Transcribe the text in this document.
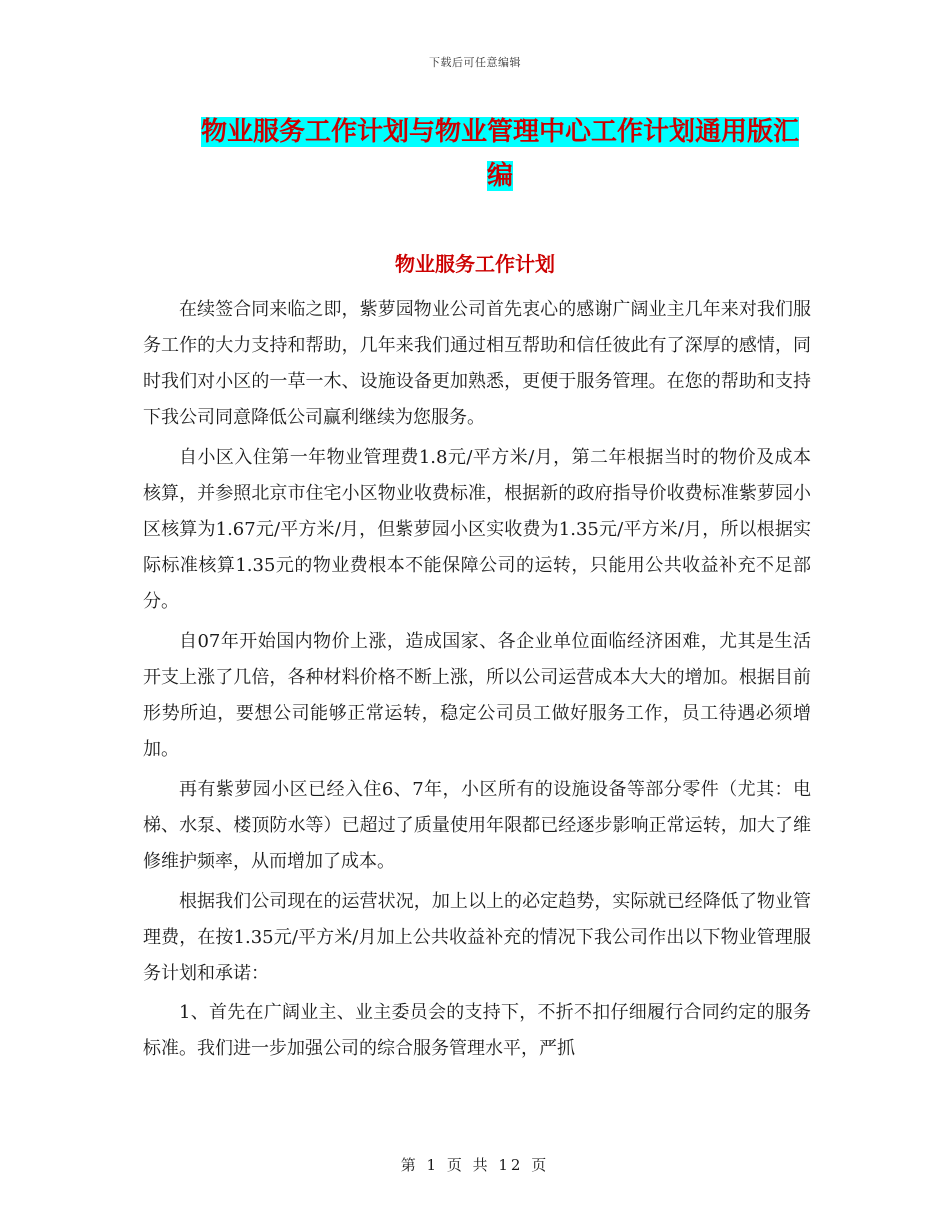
下载后可任意编辑
物业服务工作计划与物业管理中心工作计划通用版汇编
物业服务工作计划

在续签合同来临之即，紫萝园物业公司首先衷心的感谢广阔业主几年来对我们服务工作的大力支持和帮助，几年来我们通过相互帮助和信任彼此有了深厚的感情，同时我们对小区的一草一木、设施设备更加熟悉，更便于服务管理。在您的帮助和支持下我公司同意降低公司赢利继续为您服务。

自小区入住第一年物业管理费1.8元/平方米/月，第二年根据当时的物价及成本核算，并参照北京市住宅小区物业收费标准，根据新的政府指导价收费标准紫萝园小区核算为1.67元/平方米/月，但紫萝园小区实收费为1.35元/平方米/月，所以根据实际标准核算1.35元的物业费根本不能保障公司的运转，只能用公共收益补充不足部分。

自07年开始国内物价上涨，造成国家、各企业单位面临经济困难，尤其是生活开支上涨了几倍，各种材料价格不断上涨，所以公司运营成本大大的增加。根据目前形势所迫，要想公司能够正常运转，稳定公司员工做好服务工作，员工待遇必须增加。

再有紫萝园小区已经入住6、7年，小区所有的设施设备等部分零件（尤其：电梯、水泵、楼顶防水等）已超过了质量使用年限都已经逐步影响正常运转，加大了维修维护频率，从而增加了成本。

根据我们公司现在的运营状况，加上以上的必定趋势，实际就已经降低了物业管理费，在按1.35元/平方米/月加上公共收益补充的情况下我公司作出以下物业管理服务计划和承诺：

1、首先在广阔业主、业主委员会的支持下，不折不扣仔细履行合同约定的服务标准。我们进一步加强公司的综合服务管理水平，严抓

第 1 页 共 12 页
